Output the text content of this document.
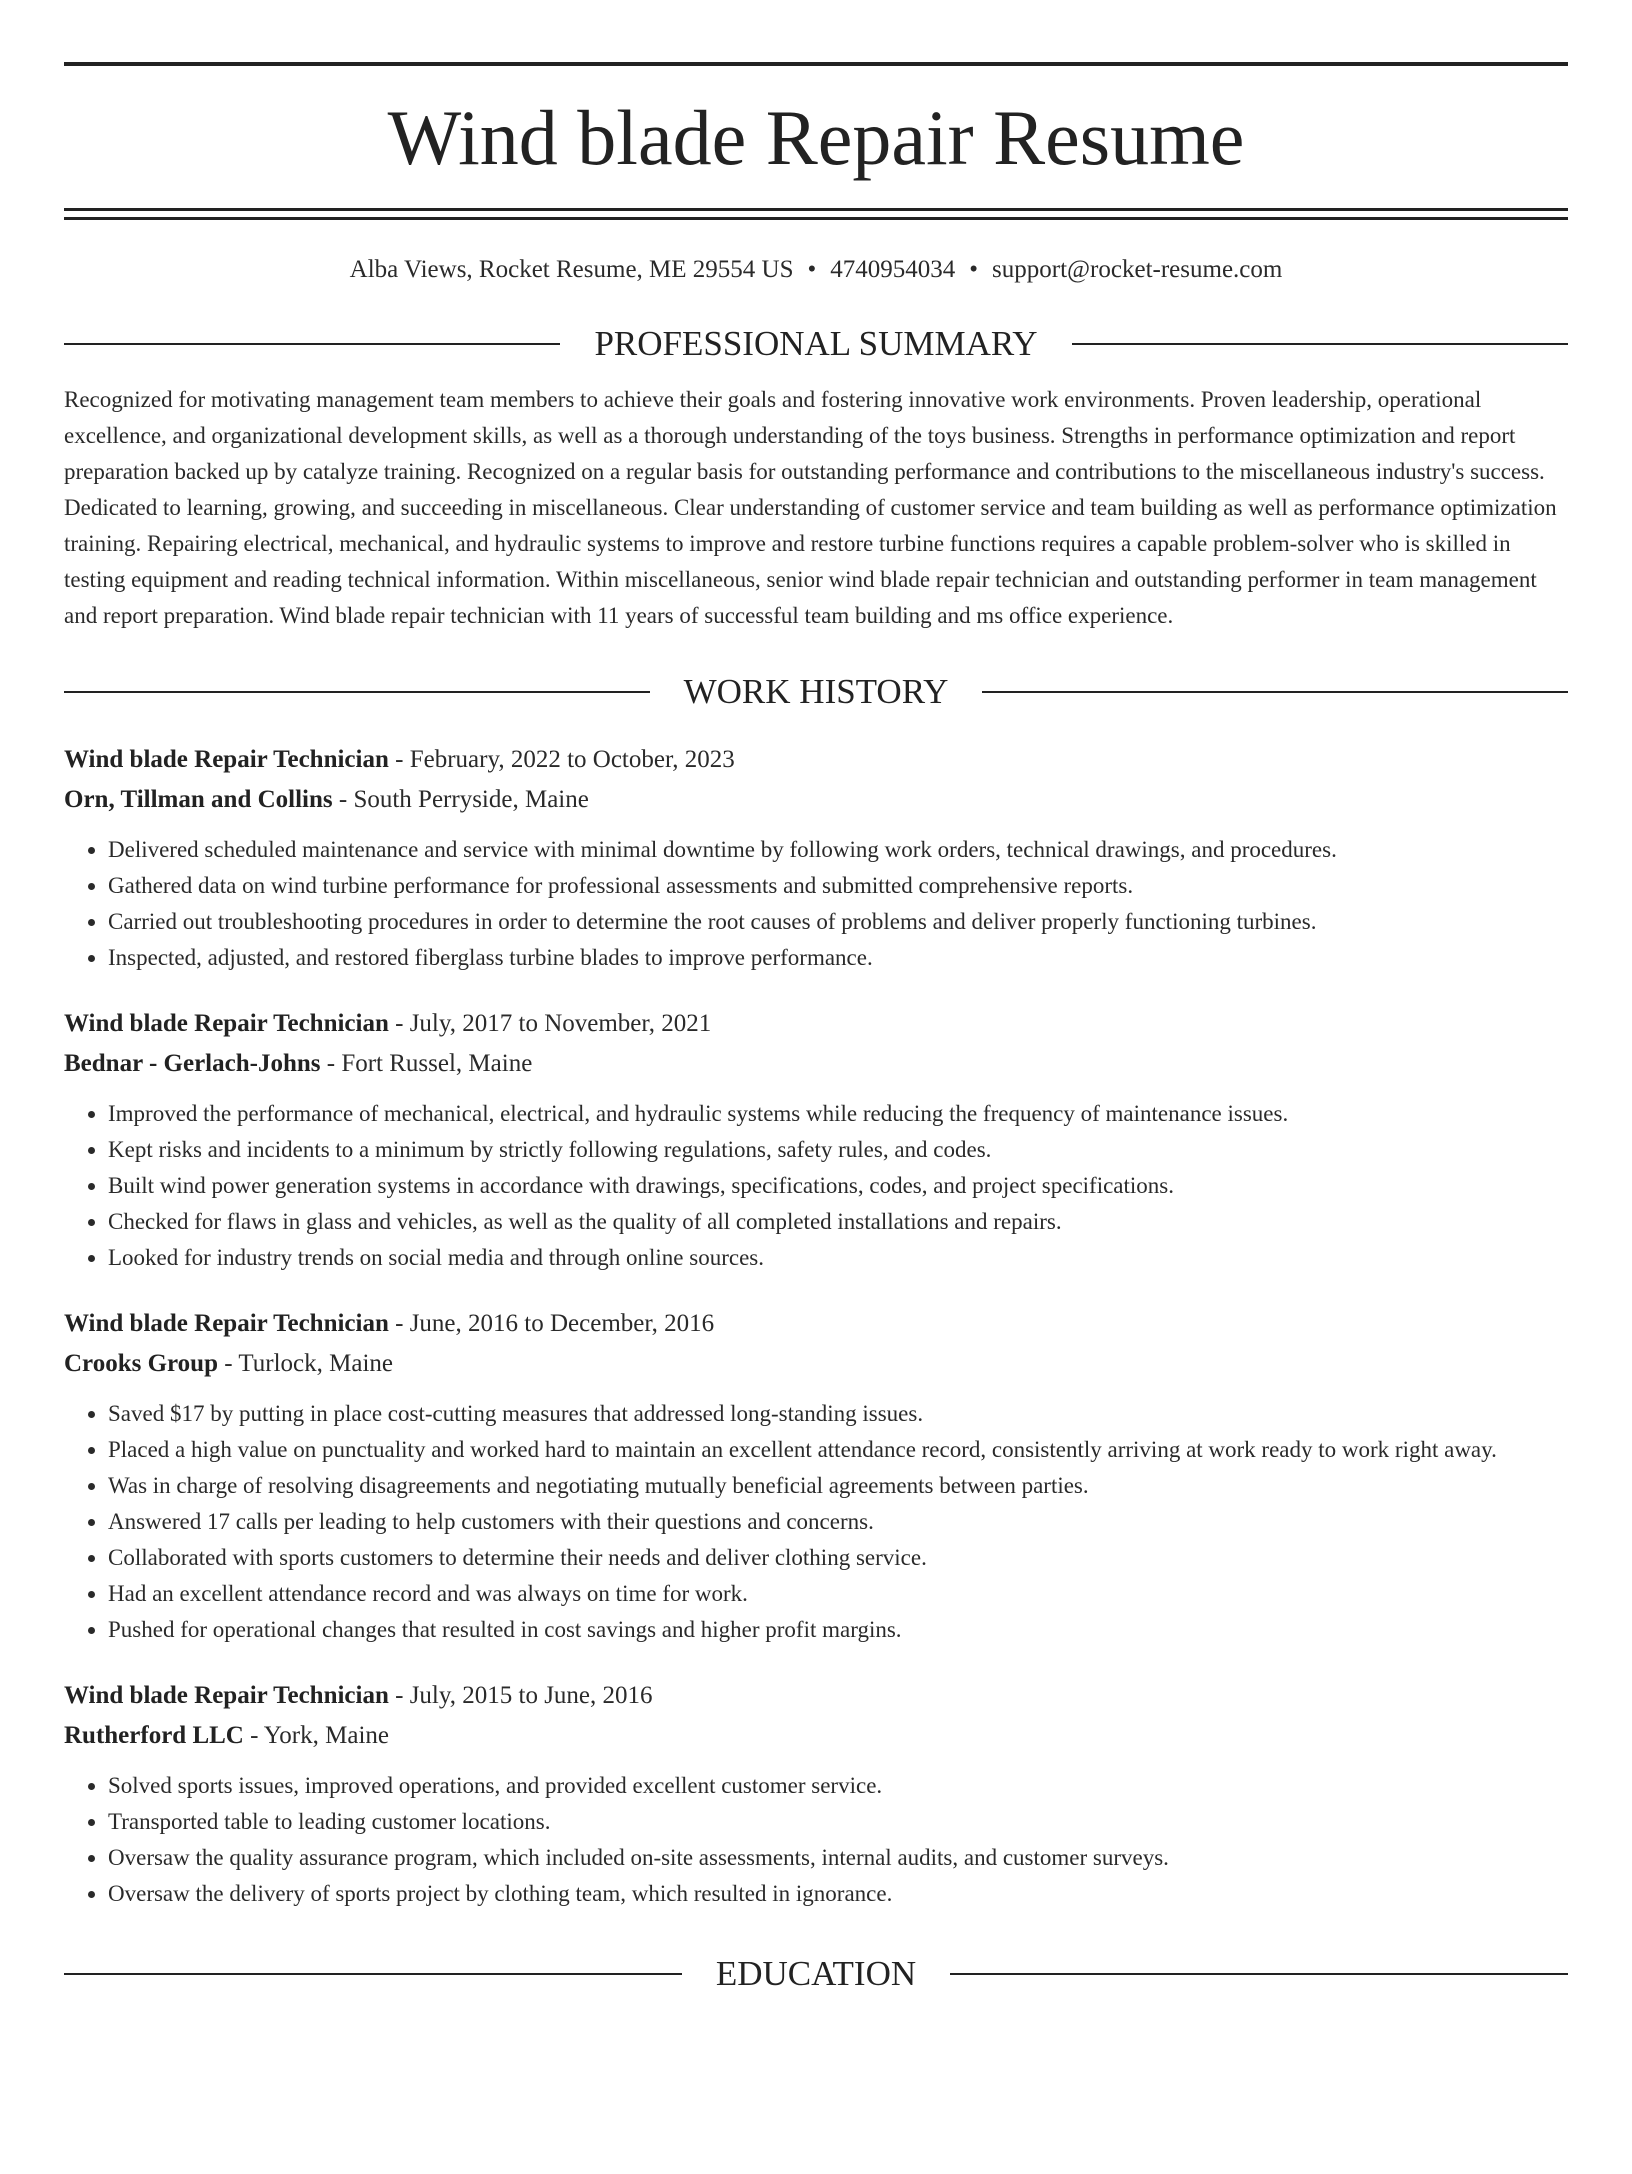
Wind blade Repair Resume
Alba Views, Rocket Resume, ME 29554 US • 4740954034 • support@rocket-resume.com
PROFESSIONAL SUMMARY

Recognized for motivating management team members to achieve their goals and fostering innovative work environments. Proven leadership, operational excellence, and organizational development skills, as well as a thorough understanding of the toys business. Strengths in performance optimization and report preparation backed up by catalyze training. Recognized on a regular basis for outstanding performance and contributions to the miscellaneous industry's success. Dedicated to learning, growing, and succeeding in miscellaneous. Clear understanding of customer service and team building as well as performance optimization training. Repairing electrical, mechanical, and hydraulic systems to improve and restore turbine functions requires a capable problem-solver who is skilled in testing equipment and reading technical information. Within miscellaneous, senior wind blade repair technician and outstanding performer in team management and report preparation. Wind blade repair technician with 11 years of successful team building and ms office experience.

WORK HISTORY
Wind blade Repair Technician - February, 2022 to October, 2023
Orn, Tillman and Collins - South Perryside, Maine
• Delivered scheduled maintenance and service with minimal downtime by following work orders, technical drawings, and procedures.
• Gathered data on wind turbine performance for professional assessments and submitted comprehensive reports.
• Carried out troubleshooting procedures in order to determine the root causes of problems and deliver properly functioning turbines.
• Inspected, adjusted, and restored fiberglass turbine blades to improve performance.
Wind blade Repair Technician - July, 2017 to November, 2021
Bednar - Gerlach-Johns - Fort Russel, Maine
• Improved the performance of mechanical, electrical, and hydraulic systems while reducing the frequency of maintenance issues.
• Kept risks and incidents to a minimum by strictly following regulations, safety rules, and codes.
• Built wind power generation systems in accordance with drawings, specifications, codes, and project specifications.
• Checked for flaws in glass and vehicles, as well as the quality of all completed installations and repairs.
• Looked for industry trends on social media and through online sources.
Wind blade Repair Technician - June, 2016 to December, 2016
Crooks Group - Turlock, Maine
• Saved $17 by putting in place cost-cutting measures that addressed long-standing issues.
• Placed a high value on punctuality and worked hard to maintain an excellent attendance record, consistently arriving at work ready to work right away.
• Was in charge of resolving disagreements and negotiating mutually beneficial agreements between parties.
• Answered 17 calls per leading to help customers with their questions and concerns.
• Collaborated with sports customers to determine their needs and deliver clothing service.
• Had an excellent attendance record and was always on time for work.
• Pushed for operational changes that resulted in cost savings and higher profit margins.
Wind blade Repair Technician - July, 2015 to June, 2016
Rutherford LLC - York, Maine
• Solved sports issues, improved operations, and provided excellent customer service.
• Transported table to leading customer locations.
• Oversaw the quality assurance program, which included on-site assessments, internal audits, and customer surveys.
• Oversaw the delivery of sports project by clothing team, which resulted in ignorance.
EDUCATION
